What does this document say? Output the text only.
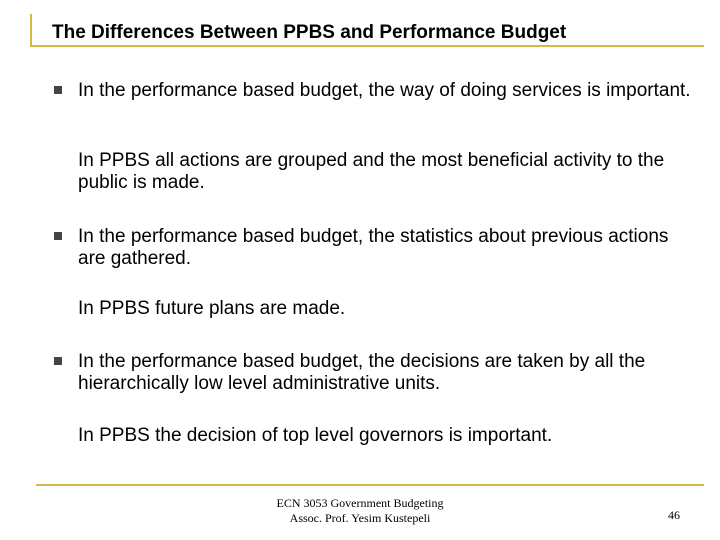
The Differences Between PPBS and Performance Budget
In the performance based budget, the way of doing services is important.
In PPBS all actions are grouped and the most beneficial activity to the public is made.
In the performance based budget, the statistics about previous actions are gathered.
In PPBS future plans are made.
In the performance based budget, the decisions are taken by all the hierarchically low level administrative units.
In PPBS the decision of top level governors is important.
ECN 3053 Government Budgeting
Assoc. Prof. Yesim Kustepeli	46
